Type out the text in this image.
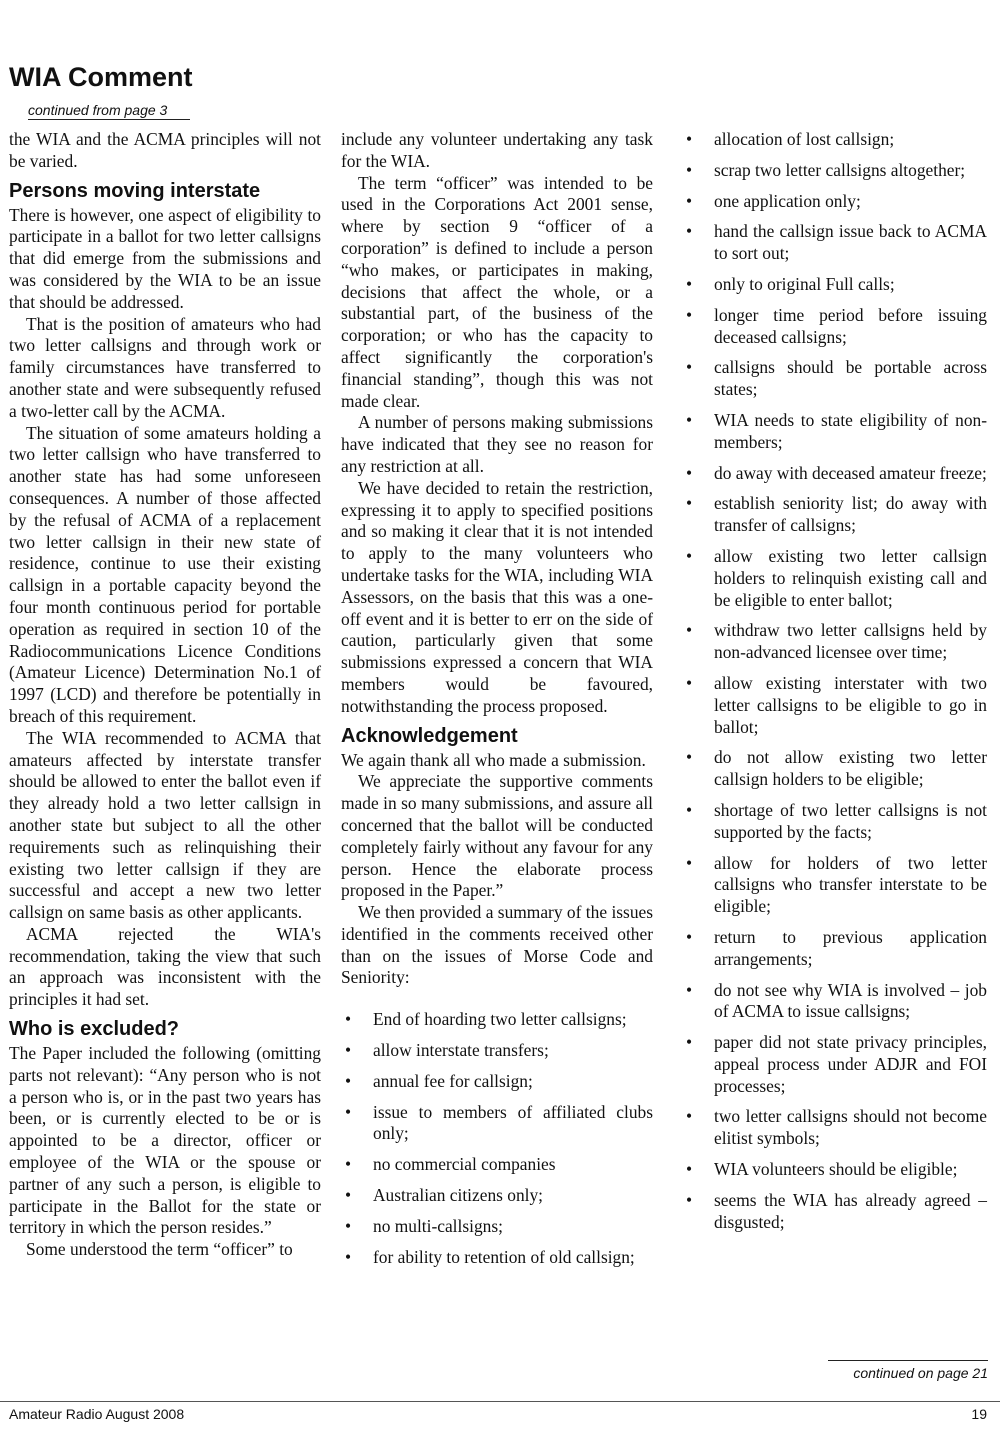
WIA Comment
continued from page 3

the WIA and the ACMA principles will not be varied.

Persons moving interstate

There is however, one aspect of eligibility to participate in a ballot for two letter callsigns that did emerge from the submissions and was considered by the WIA to be an issue that should be addressed.

That is the position of amateurs who had two letter callsigns and through work or family circumstances have transferred to another state and were subsequently refused a two-letter call by the ACMA.

The situation of some amateurs holding a two letter callsign who have transferred to another state has had some unforeseen consequences. A number of those affected by the refusal of ACMA of a replacement two letter callsign in their new state of residence, continue to use their existing callsign in a portable capacity beyond the four month continuous period for portable operation as required in section 10 of the Radiocommunications Licence Conditions (Amateur Licence) Determination No.1 of 1997 (LCD) and therefore be potentially in breach of this requirement.

The WIA recommended to ACMA that amateurs affected by interstate transfer should be allowed to enter the ballot even if they already hold a two letter callsign in another state but subject to all the other requirements such as relinquishing their existing two letter callsign if they are successful and accept a new two letter callsign on same basis as other applicants.

ACMA rejected the WIA's recommendation, taking the view that such an approach was inconsistent with the principles it had set.

Who is excluded?

The Paper included the following (omitting parts not relevant): “Any person who is not a person who is, or in the past two years has been, or is currently elected to be or is appointed to be a director, officer or employee of the WIA or the spouse or partner of any such a person, is eligible to participate in the Ballot for the state or territory in which the person resides.”

Some understood the term “officer” to

include any volunteer undertaking any task for the WIA.

The term “officer” was intended to be used in the Corporations Act 2001 sense, where by section 9 “officer of a corporation” is defined to include a person “who makes, or participates in making, decisions that affect the whole, or a substantial part, of the business of the corporation; or who has the capacity to affect significantly the corporation's financial standing”, though this was not made clear.

A number of persons making submissions have indicated that they see no reason for any restriction at all.

We have decided to retain the restriction, expressing it to apply to specified positions and so making it clear that it is not intended to apply to the many volunteers who undertake tasks for the WIA, including WIA Assessors, on the basis that this was a one-off event and it is better to err on the side of caution, particularly given that some submissions expressed a concern that WIA members would be favoured, notwithstanding the process proposed.

Acknowledgement

We again thank all who made a submission.

We appreciate the supportive comments made in so many submissions, and assure all concerned that the ballot will be conducted completely fairly without any favour for any person. Hence the elaborate process proposed in the Paper.”

We then provided a summary of the issues identified in the comments received other than on the issues of Morse Code and Seniority:

• End of hoarding two letter callsigns;
• allow interstate transfers;
• annual fee for callsign;
• issue to members of affiliated clubs only;
• no commercial companies
• Australian citizens only;
• no multi-callsigns;
• for ability to retention of old callsign;
• allocation of lost callsign;
• scrap two letter callsigns altogether;
• one application only;
• hand the callsign issue back to ACMA to sort out;
• only to original Full calls;
• longer time period before issuing deceased callsigns;
• callsigns should be portable across states;
• WIA needs to state eligibility of non-members;
• do away with deceased amateur freeze;
• establish seniority list; do away with transfer of callsigns;
• allow existing two letter callsign holders to relinquish existing call and be eligible to enter ballot;
• withdraw two letter callsigns held by non-advanced licensee over time;
• allow existing interstater with two letter callsigns to be eligible to go in ballot;
• do not allow existing two letter callsign holders to be eligible;
• shortage of two letter callsigns is not supported by the facts;
• allow for holders of two letter callsigns who transfer interstate to be eligible;
• return to previous application arrangements;
• do not see why WIA is involved – job of ACMA to issue callsigns;
• paper did not state privacy principles, appeal process under ADJR and FOI processes;
• two letter callsigns should not become elitist symbols;
• WIA volunteers should be eligible;
• seems the WIA has already agreed – disgusted;
continued on page 21
Amateur Radio August 2008	19
